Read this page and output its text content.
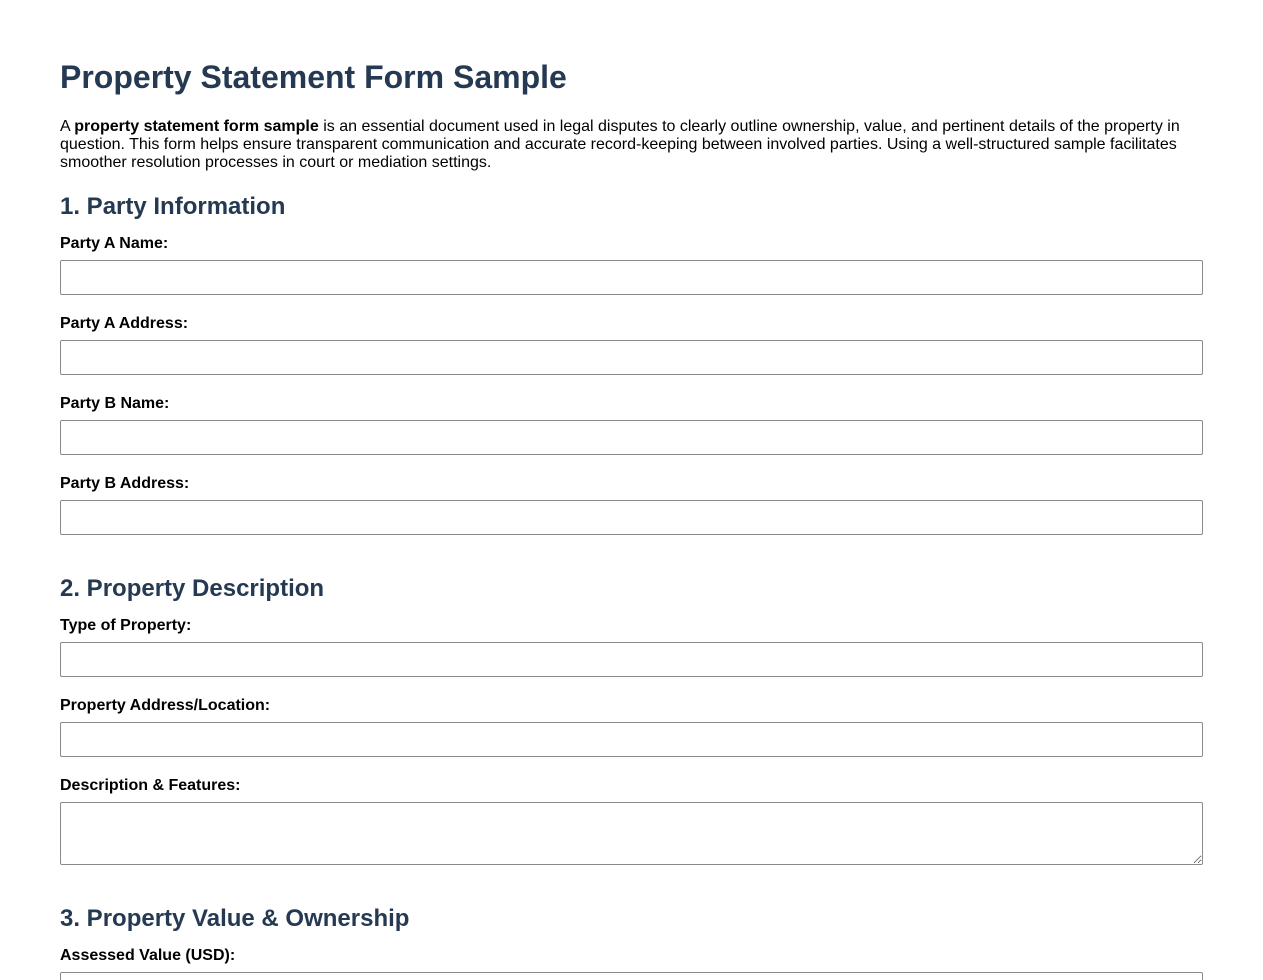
Property Statement Form Sample

A property statement form sample is an essential document used in legal disputes to clearly outline ownership, value, and pertinent details of the property in question. This form helps ensure transparent communication and accurate record-keeping between involved parties. Using a well-structured sample facilitates smoother resolution processes in court or mediation settings.

1. Party Information
Party A Name:
Party A Address:
Party B Name:
Party B Address:
2. Property Description
Type of Property:
Property Address/Location:
Description & Features:
3. Property Value & Ownership
Assessed Value (USD):
